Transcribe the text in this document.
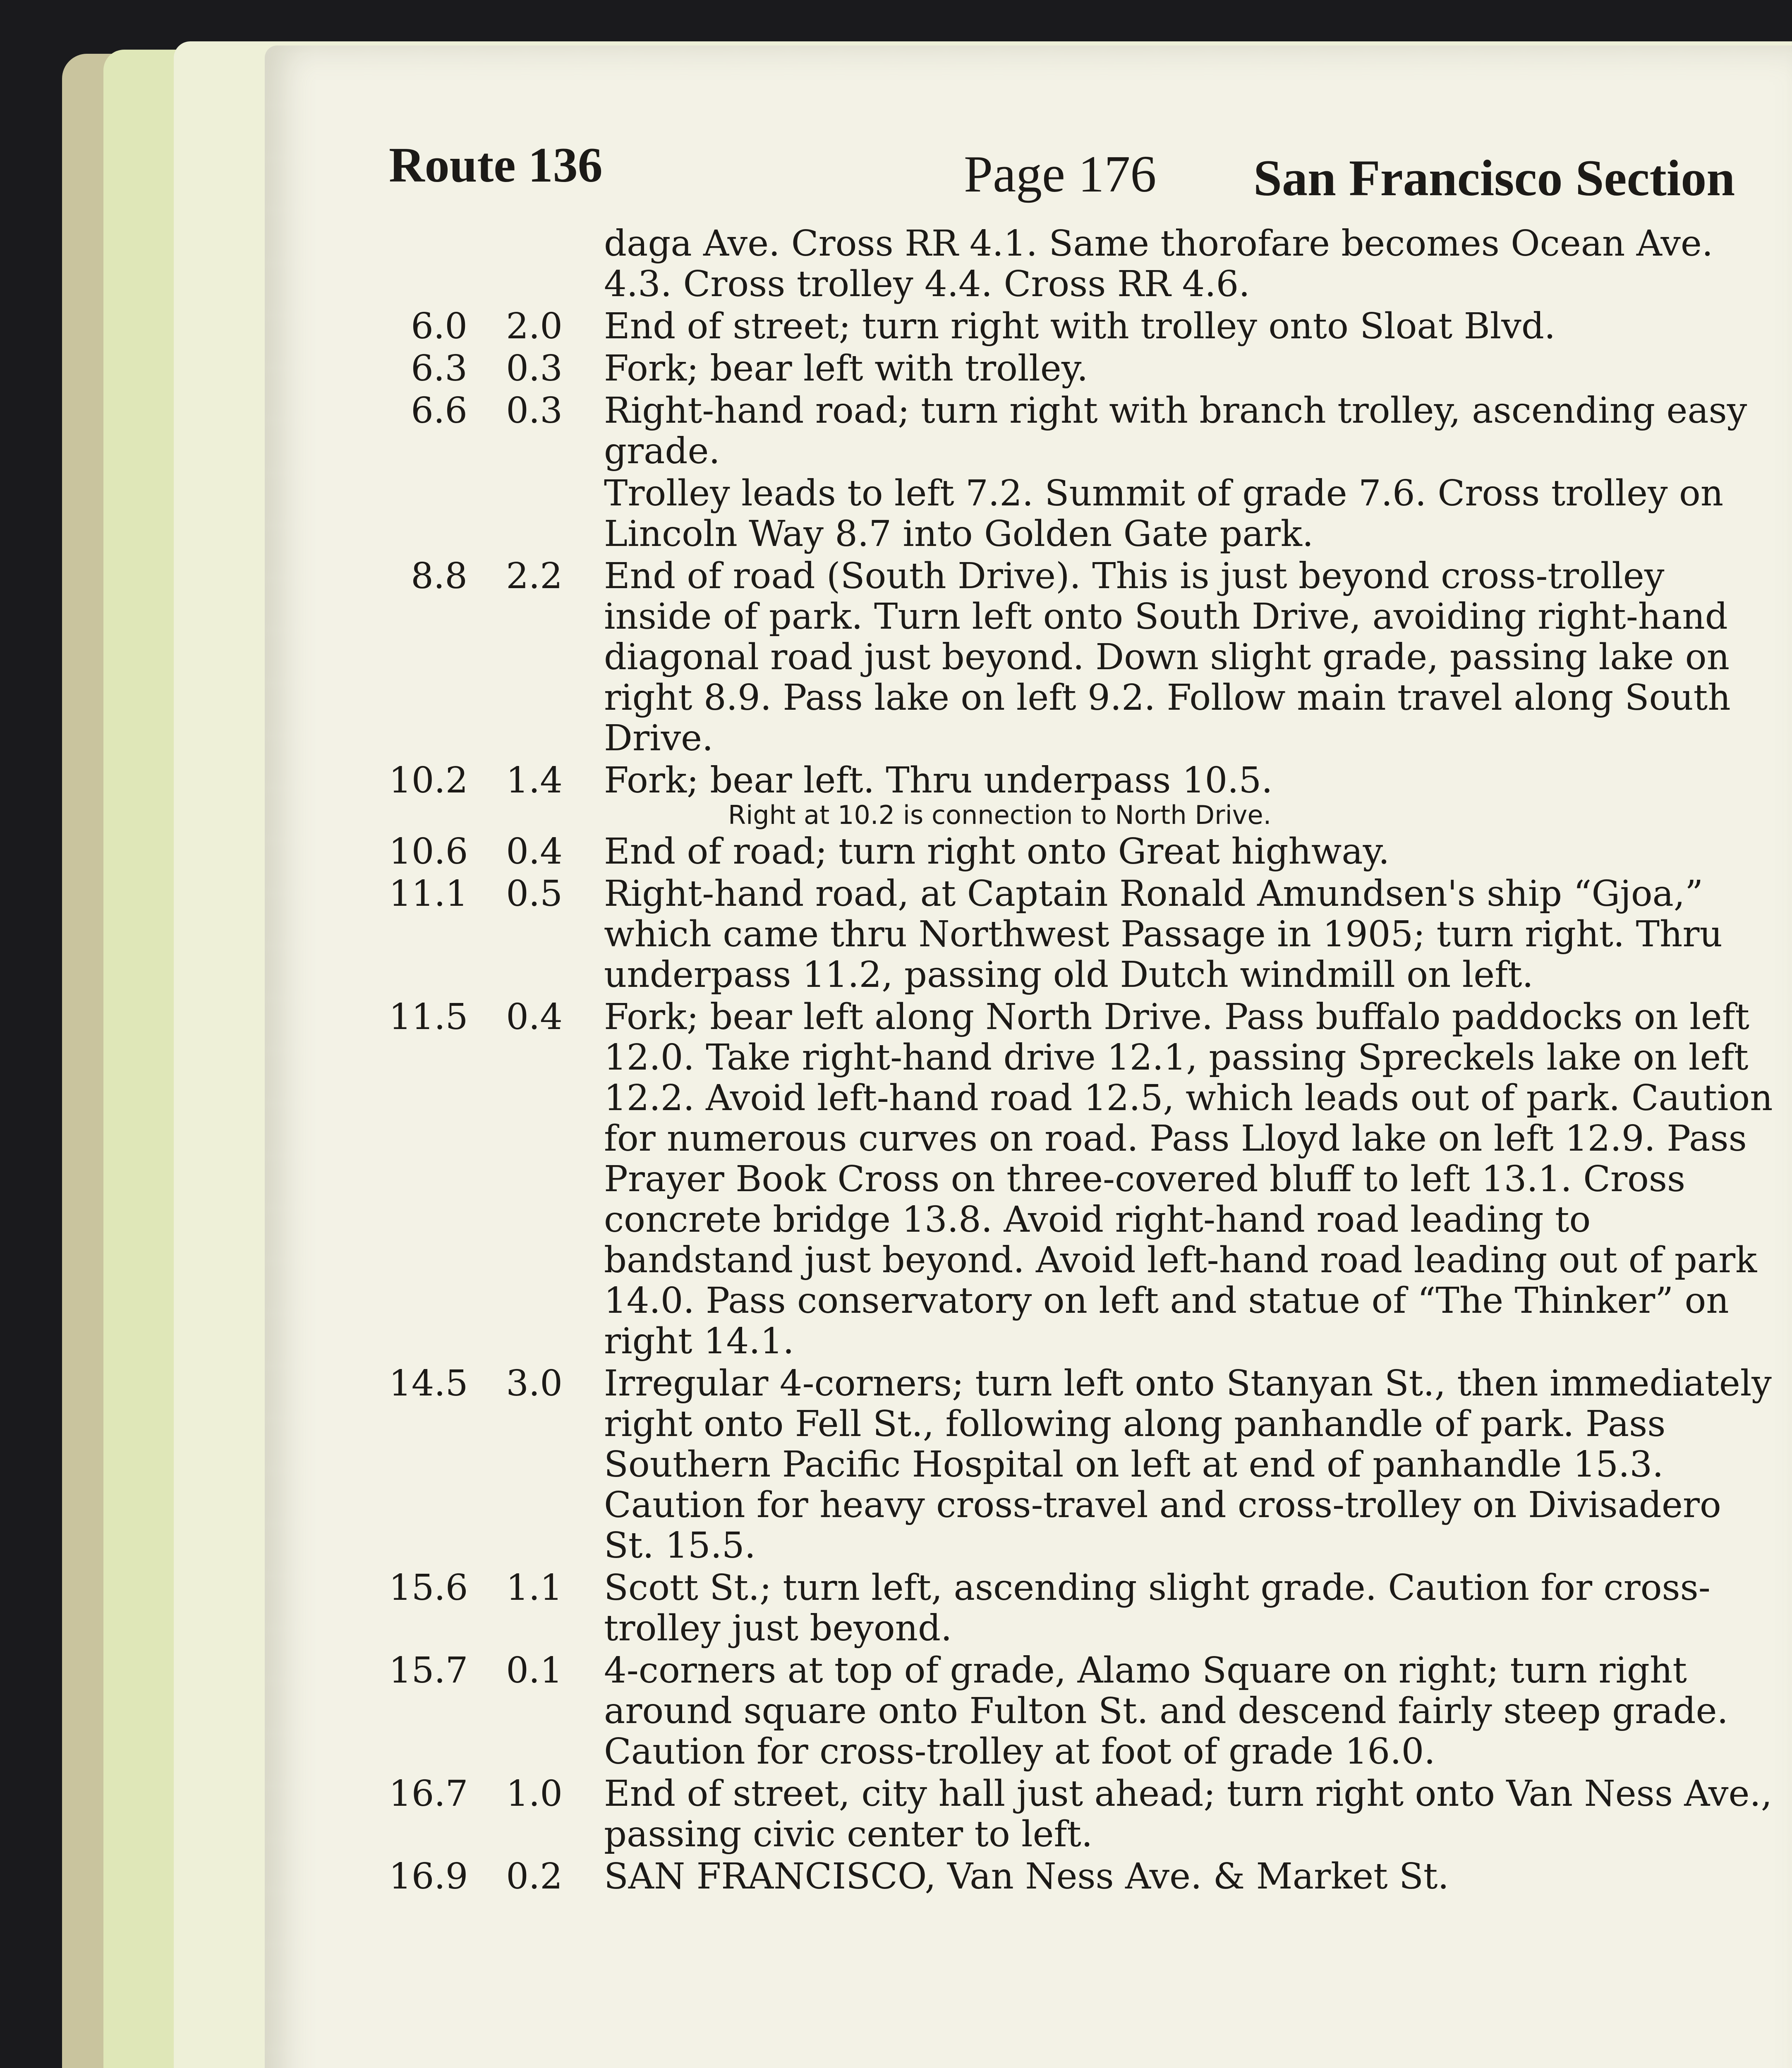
Route 136	Page 176 San Francisco Section
daga Ave. Cross RR 4.1. Same thorofare becomes Ocean Ave. 4.3. Cross trolley 4.4. Cross RR 4.6.
6.0	2.0 End of street; turn right with trolley onto Sloat Blvd.
6.3	0.3 Fork; bear left with trolley.
6.6	0.3 Right-hand road; turn right with branch trolley, ascending easy grade.
Trolley leads to left 7.2. Summit of grade 7.6. Cross trolley on Lincoln Way 8.7 into Golden Gate park.
8.8	2.2 End of road (South Drive). This is just beyond cross-trolley inside of park. Turn left onto South Drive, avoiding right-hand diagonal road just beyond. Down slight grade, passing lake on right 8.9. Pass lake on left 9.2. Follow main travel along South Drive.
10.2	1.4 Fork; bear left. Thru underpass 10.5.
Right at 10.2 is connection to North Drive.
10.6	0.4 End of road; turn right onto Great highway.
11.1	0.5 Right-hand road, at Captain Ronald Amundsen's ship “Gjoa,” which came thru Northwest Passage in 1905; turn right. Thru underpass 11.2, passing old Dutch windmill on left.
11.5	0.4 Fork; bear left along North Drive. Pass buffalo paddocks on left 12.0. Take right-hand drive 12.1, passing Spreckels lake on left 12.2. Avoid left-hand road 12.5, which leads out of park. Caution for numerous curves on road. Pass Lloyd lake on left 12.9. Pass Prayer Book Cross on three-covered bluff to left 13.1. Cross concrete bridge 13.8. Avoid right-hand road leading to bandstand just beyond. Avoid left-hand road leading out of park 14.0. Pass conservatory on left and statue of “The Thinker” on right 14.1.
14.5	3.0 Irregular 4-corners; turn left onto Stanyan St., then immediately right onto Fell St., following along panhandle of park. Pass Southern Pacific Hospital on left at end of panhandle 15.3. Caution for heavy cross-travel and cross-trolley on Divisadero St. 15.5.
15.6	1.1 Scott St.; turn left, ascending slight grade. Caution for cross-trolley just beyond.
15.7	0.1 4-corners at top of grade, Alamo Square on right; turn right around square onto Fulton St. and descend fairly steep grade. Caution for cross-trolley at foot of grade 16.0.
16.7	1.0 End of street, city hall just ahead; turn right onto Van Ness Ave., passing civic center to left.
16.9	0.2 SAN FRANCISCO, Van Ness Ave. & Market St.
